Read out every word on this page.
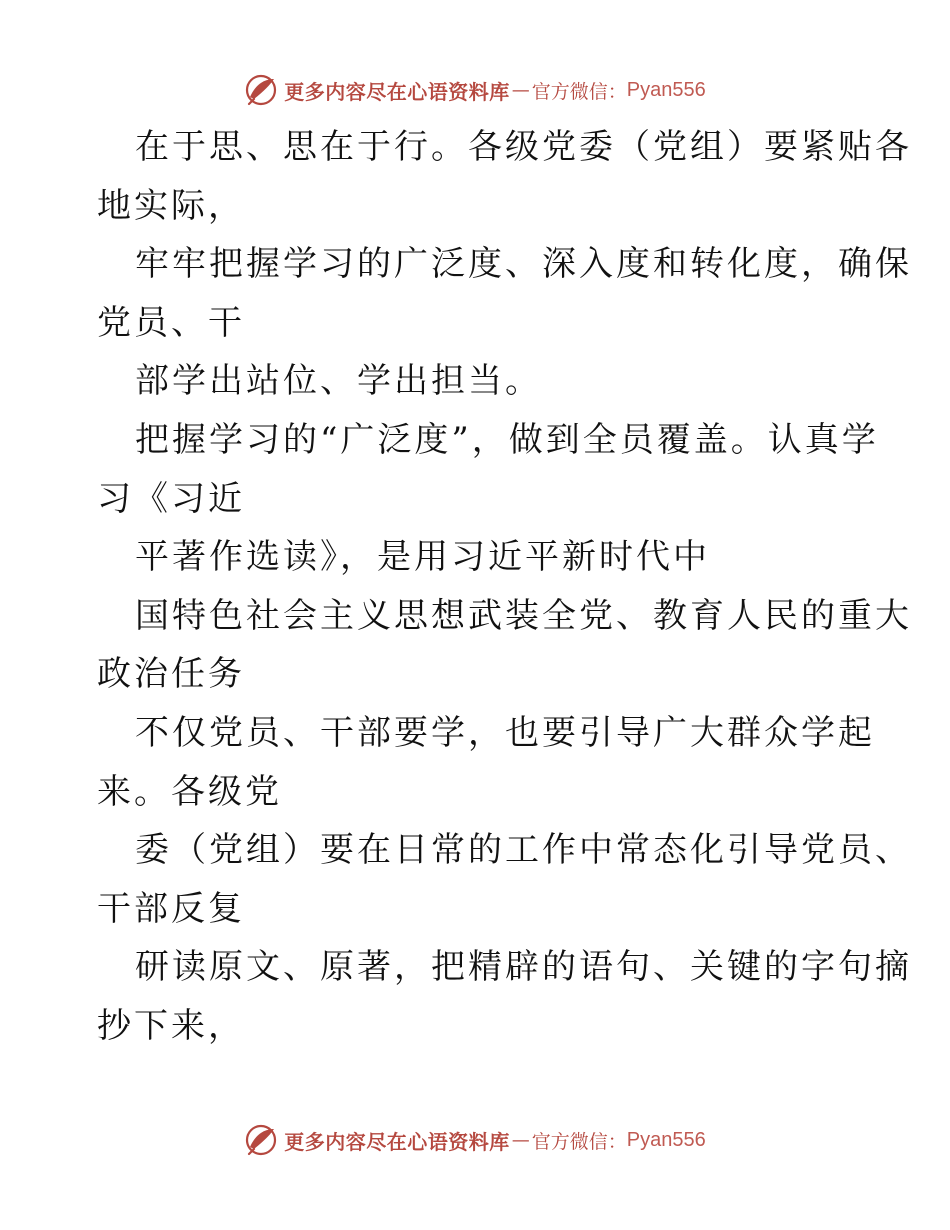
更多内容尽在心语资料库 — 官方微信： Pyan556
在于思、思在于行。各级党委（党组）要紧贴各
地实际，
牢牢把握学习的广泛度、深入度和转化度，确保
党员、干
部学出站位、学出担当。
把握学习的“广泛度”，做到全员覆盖。认真学
习《习近
平著作选读》，是用习近平新时代中
国特色社会主义思想武装全党、教育人民的重大
政治任务
不仅党员、干部要学，也要引导广大群众学起
来。各级党
委（党组）要在日常的工作中常态化引导党员、
干部反复
研读原文、原著，把精辟的语句、关键的字句摘
抄下来，
更多内容尽在心语资料库 — 官方微信： Pyan556
